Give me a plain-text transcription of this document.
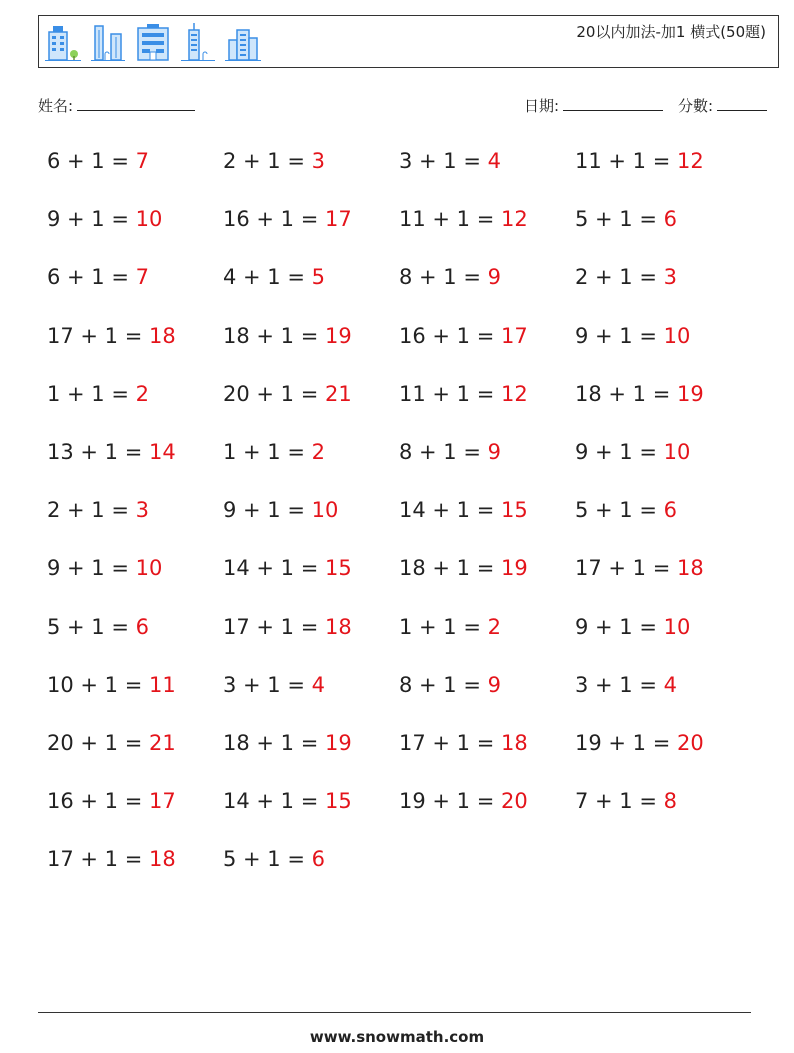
20以内加法-加1 横式(50題)
姓名:	日期:	分數:
6 + 1 = 7	2 + 1 = 3	3 + 1 = 4	11 + 1 = 12
9 + 1 = 10	16 + 1 = 17	11 + 1 = 12	5 + 1 = 6
6 + 1 = 7	4 + 1 = 5	8 + 1 = 9	2 + 1 = 3
17 + 1 = 18	18 + 1 = 19	16 + 1 = 17	9 + 1 = 10
1 + 1 = 2	20 + 1 = 21	11 + 1 = 12	18 + 1 = 19
13 + 1 = 14	1 + 1 = 2	8 + 1 = 9	9 + 1 = 10
2 + 1 = 3	9 + 1 = 10	14 + 1 = 15	5 + 1 = 6
9 + 1 = 10	14 + 1 = 15	18 + 1 = 19	17 + 1 = 18
5 + 1 = 6	17 + 1 = 18	1 + 1 = 2	9 + 1 = 10
10 + 1 = 11	3 + 1 = 4	8 + 1 = 9	3 + 1 = 4
20 + 1 = 21	18 + 1 = 19	17 + 1 = 18	19 + 1 = 20
16 + 1 = 17	14 + 1 = 15	19 + 1 = 20	7 + 1 = 8
17 + 1 = 18	5 + 1 = 6
www.snowmath.com
